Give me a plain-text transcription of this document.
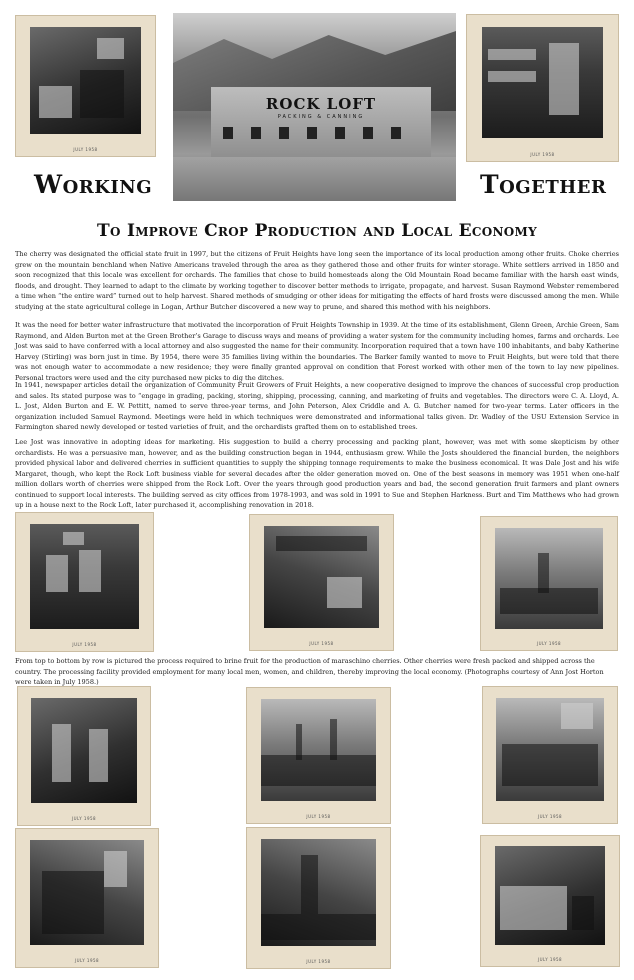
JULY 1958
ROCK LOFT
PACKING & CANNING
JULY 1958
Working	Together
To Improve Crop Production and Local Economy

The cherry was designated the official state fruit in 1997, but the citizens of Fruit Heights have long seen the importance of its local production among other fruits. Choke cherries grew on the mountain benchland when Native Americans traveled through the area as they gathered those and other fruits for winter storage. White settlers arrived in 1850 and soon recognized that this locale was excellent for orchards. The families that chose to build homesteads along the Old Mountain Road became familiar with the harsh east winds, floods, and drought. They learned to adapt to the climate by working together to discover better methods to irrigate, propagate, and harvest. Susan Raymond Webster remembered a time when “the entire ward” turned out to help harvest. Shared methods of smudging or other ideas for mitigating the effects of hard frosts were discussed among the men. While studying at the state agricultural college in Logan, Arthur Butcher discovered a new way to prune, and shared this method with his neighbors.

It was the need for better water infrastructure that motivated the incorporation of Fruit Heights Township in 1939. At the time of its establishment, Glenn Green, Archie Green, Sam Raymond, and Alden Burton met at the Green Brother’s Garage to discuss ways and means of providing a water system for the community including homes, farms and orchards. Lee Jost was said to have conferred with a local attorney and also suggested the name for their community. Incorporation required that a town have 100 inhabitants, and baby Katherine Harvey (Stirling) was born just in time. By 1954, there were 35 families living within the boundaries. The Barker family wanted to move to Fruit Heights, but were told that there was not enough water to accommodate a new residence; they were finally granted approval on condition that Forest worked with other men of the town to lay new pipelines. Personal tractors were used and the city purchased new picks to dig the ditches.

In 1941, newspaper articles detail the organization of Community Fruit Growers of Fruit Heights, a new cooperative designed to improve the chances of successful crop production and sales. Its stated purpose was to “engage in grading, packing, storing, shipping, processing, canning, and marketing of fruits and vegetables. The directors were C. A. Lloyd, A. L. Jost, Alden Burton and E. W. Pettitt, named to serve three-year terms, and John Peterson, Alex Criddle and A. G. Butcher named for two-year terms. Later officers in the organization included Samuel Raymond. Meetings were held in which techniques were demonstrated and informational talks given. Dr. Wadley of the USU Extension Service in Farmington shared newly developed or tested varieties of fruit, and the orchardists grafted them on to established trees.

Lee Jost was innovative in adopting ideas for marketing. His suggestion to build a cherry processing and packing plant, however, was met with some skepticism by other orchardists. He was a persuasive man, however, and as the building construction began in 1944, enthusiasm grew. While the Josts shouldered the financial burden, the neighbors provided physical labor and delivered cherries in sufficient quantities to supply the shipping tonnage requirements to make the business economical. It was Dale Jost and his wife Margaret, though, who kept the Rock Loft business viable for several decades after the older generation moved on. One of the best seasons in memory was 1951 when one-half million dollars worth of cherries were shipped from the Rock Loft. Over the years through good production years and bad, the second generation fruit farmers and plant owners continued to support local interests. The building served as city offices from 1978-1993, and was sold in 1991 to Sue and Stephen Harkness. Burt and Tim Matthews who had grown up in a house next to the Rock Loft, later purchased it, accomplishing renovation in 2018.

JULY 1958	JULY 1958	JULY 1958

From top to bottom by row is pictured the process required to brine fruit for the production of maraschino cherries. Other cherries were fresh packed and shipped across the country. The processing facility provided employment for many local men, women, and children, thereby improving the local economy. (Photographs courtesy of Ann Jost Horton were taken in July 1958.)

JULY 1958	JULY 1958	JULY 1958
JULY 1958	JULY 1958	JULY 1958
